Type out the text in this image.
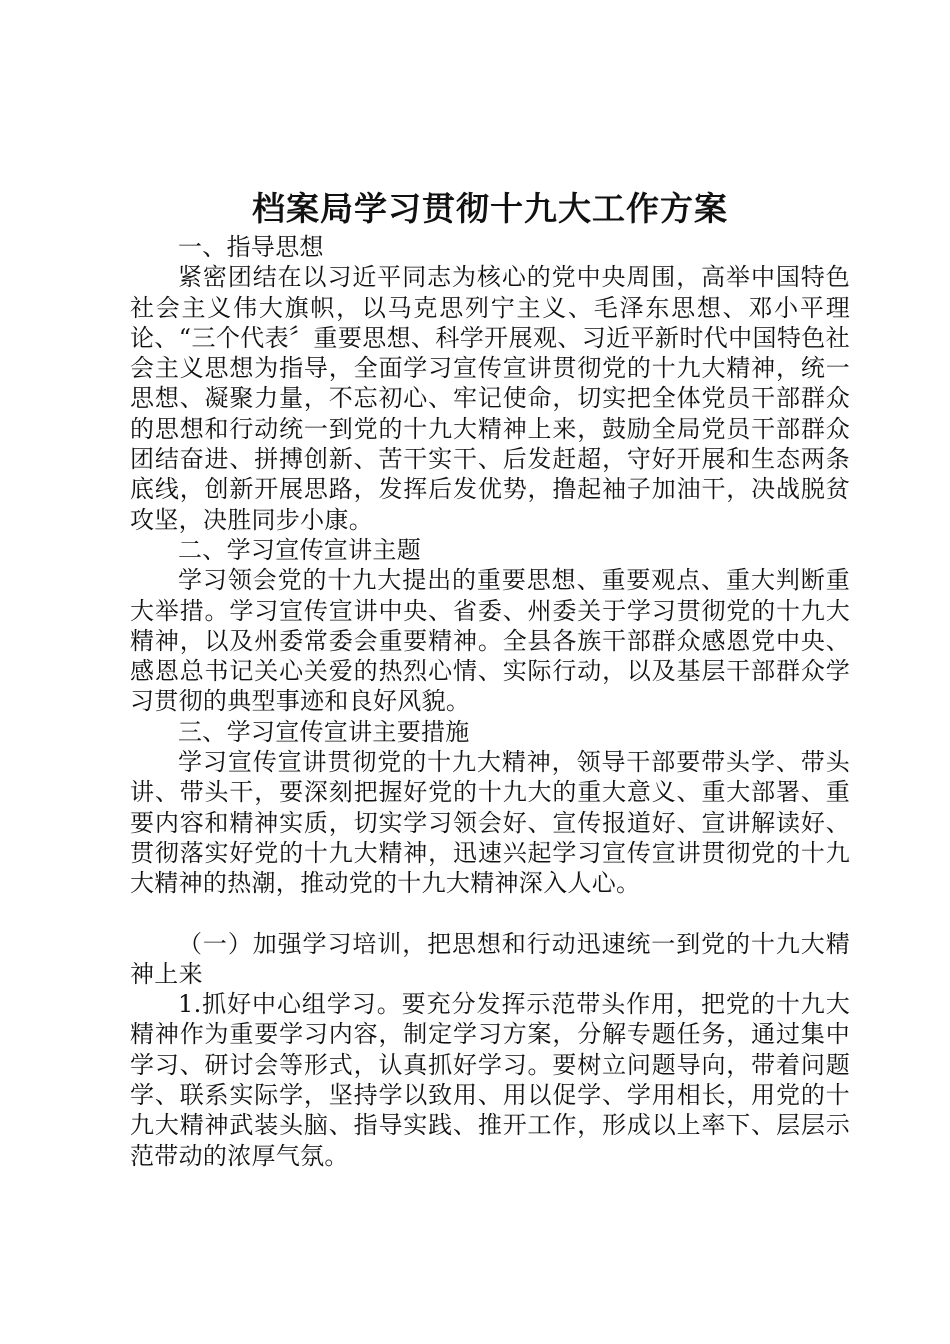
档案局学习贯彻十九大工作方案

一、指导思想

紧密团结在以习近平同志为核心的党中央周围，高举中国特色社会主义伟大旗帜，以马克思列宁主义、毛泽东思想、邓小平理论、“三个代表〞重要思想、科学开展观、习近平新时代中国特色社会主义思想为指导，全面学习宣传宣讲贯彻党的十九大精神，统一思想、凝聚力量，不忘初心、牢记使命，切实把全体党员干部群众的思想和行动统一到党的十九大精神上来，鼓励全局党员干部群众团结奋进、拼搏创新、苦干实干、后发赶超，守好开展和生态两条底线，创新开展思路，发挥后发优势，撸起袖子加油干，决战脱贫攻坚，决胜同步小康。

二、学习宣传宣讲主题

学习领会党的十九大提出的重要思想、重要观点、重大判断重大举措。学习宣传宣讲中央、省委、州委关于学习贯彻党的十九大精神，以及州委常委会重要精神。全县各族干部群众感恩党中央、感恩总书记关心关爱的热烈心情、实际行动，以及基层干部群众学习贯彻的典型事迹和良好风貌。

三、学习宣传宣讲主要措施

学习宣传宣讲贯彻党的十九大精神，领导干部要带头学、带头讲、带头干，要深刻把握好党的十九大的重大意义、重大部署、重要内容和精神实质，切实学习领会好、宣传报道好、宣讲解读好、贯彻落实好党的十九大精神，迅速兴起学习宣传宣讲贯彻党的十九大精神的热潮，推动党的十九大精神深入人心。

（一）加强学习培训，把思想和行动迅速统一到党的十九大精神上来

1.抓好中心组学习。要充分发挥示范带头作用，把党的十九大精神作为重要学习内容，制定学习方案，分解专题任务，通过集中学习、研讨会等形式，认真抓好学习。要树立问题导向，带着问题学、联系实际学，坚持学以致用、用以促学、学用相长，用党的十九大精神武装头脑、指导实践、推开工作，形成以上率下、层层示范带动的浓厚气氛。
